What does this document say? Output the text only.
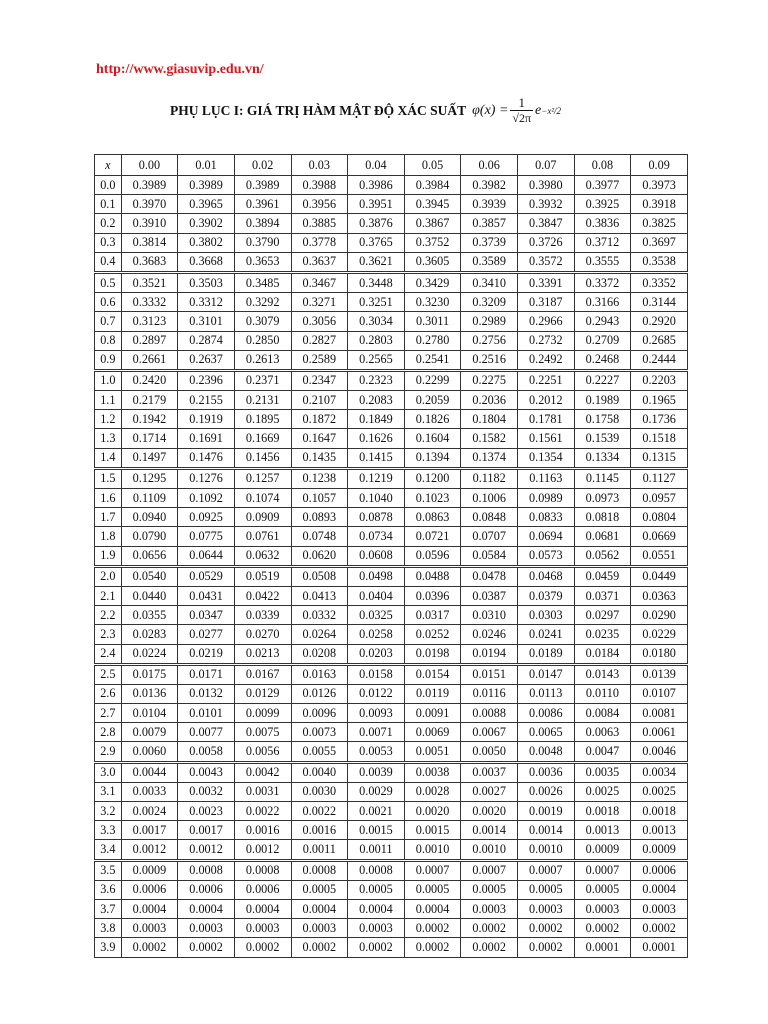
http://www.giasuvip.edu.vn/
PHỤ LỤC I: GIÁ TRỊ HÀM MẬT ĐỘ XÁC SUẤT $\varphi(x) = \frac{1}{√2\pi}$ e −x²/2
x	0.00	0.01	0.02	0.03	0.04	0.05	0.06	0.07	0.08	0.09
0.0	0.3989	0.3989	0.3989	0.3988	0.3986	0.3984	0.3982	0.3980	0.3977	0.3973
0.1	0.3970	0.3965	0.3961	0.3956	0.3951	0.3945	0.3939	0.3932	0.3925	0.3918
0.2	0.3910	0.3902	0.3894	0.3885	0.3876	0.3867	0.3857	0.3847	0.3836	0.3825
0.3	0.3814	0.3802	0.3790	0.3778	0.3765	0.3752	0.3739	0.3726	0.3712	0.3697
0.4	0.3683	0.3668	0.3653	0.3637	0.3621	0.3605	0.3589	0.3572	0.3555	0.3538
0.5	0.3521	0.3503	0.3485	0.3467	0.3448	0.3429	0.3410	0.3391	0.3372	0.3352
0.6	0.3332	0.3312	0.3292	0.3271	0.3251	0.3230	0.3209	0.3187	0.3166	0.3144
0.7	0.3123	0.3101	0.3079	0.3056	0.3034	0.3011	0.2989	0.2966	0.2943	0.2920
0.8	0.2897	0.2874	0.2850	0.2827	0.2803	0.2780	0.2756	0.2732	0.2709	0.2685
0.9	0.2661	0.2637	0.2613	0.2589	0.2565	0.2541	0.2516	0.2492	0.2468	0.2444
1.0	0.2420	0.2396	0.2371	0.2347	0.2323	0.2299	0.2275	0.2251	0.2227	0.2203
1.1	0.2179	0.2155	0.2131	0.2107	0.2083	0.2059	0.2036	0.2012	0.1989	0.1965
1.2	0.1942	0.1919	0.1895	0.1872	0.1849	0.1826	0.1804	0.1781	0.1758	0.1736
1.3	0.1714	0.1691	0.1669	0.1647	0.1626	0.1604	0.1582	0.1561	0.1539	0.1518
1.4	0.1497	0.1476	0.1456	0.1435	0.1415	0.1394	0.1374	0.1354	0.1334	0.1315
1.5	0.1295	0.1276	0.1257	0.1238	0.1219	0.1200	0.1182	0.1163	0.1145	0.1127
1.6	0.1109	0.1092	0.1074	0.1057	0.1040	0.1023	0.1006	0.0989	0.0973	0.0957
1.7	0.0940	0.0925	0.0909	0.0893	0.0878	0.0863	0.0848	0.0833	0.0818	0.0804
1.8	0.0790	0.0775	0.0761	0.0748	0.0734	0.0721	0.0707	0.0694	0.0681	0.0669
1.9	0.0656	0.0644	0.0632	0.0620	0.0608	0.0596	0.0584	0.0573	0.0562	0.0551
2.0	0.0540	0.0529	0.0519	0.0508	0.0498	0.0488	0.0478	0.0468	0.0459	0.0449
2.1	0.0440	0.0431	0.0422	0.0413	0.0404	0.0396	0.0387	0.0379	0.0371	0.0363
2.2	0.0355	0.0347	0.0339	0.0332	0.0325	0.0317	0.0310	0.0303	0.0297	0.0290
2.3	0.0283	0.0277	0.0270	0.0264	0.0258	0.0252	0.0246	0.0241	0.0235	0.0229
2.4	0.0224	0.0219	0.0213	0.0208	0.0203	0.0198	0.0194	0.0189	0.0184	0.0180
2.5	0.0175	0.0171	0.0167	0.0163	0.0158	0.0154	0.0151	0.0147	0.0143	0.0139
2.6	0.0136	0.0132	0.0129	0.0126	0.0122	0.0119	0.0116	0.0113	0.0110	0.0107
2.7	0.0104	0.0101	0.0099	0.0096	0.0093	0.0091	0.0088	0.0086	0.0084	0.0081
2.8	0.0079	0.0077	0.0075	0.0073	0.0071	0.0069	0.0067	0.0065	0.0063	0.0061
2.9	0.0060	0.0058	0.0056	0.0055	0.0053	0.0051	0.0050	0.0048	0.0047	0.0046
3.0	0.0044	0.0043	0.0042	0.0040	0.0039	0.0038	0.0037	0.0036	0.0035	0.0034
3.1	0.0033	0.0032	0.0031	0.0030	0.0029	0.0028	0.0027	0.0026	0.0025	0.0025
3.2	0.0024	0.0023	0.0022	0.0022	0.0021	0.0020	0.0020	0.0019	0.0018	0.0018
3.3	0.0017	0.0017	0.0016	0.0016	0.0015	0.0015	0.0014	0.0014	0.0013	0.0013
3.4	0.0012	0.0012	0.0012	0.0011	0.0011	0.0010	0.0010	0.0010	0.0009	0.0009
3.5	0.0009	0.0008	0.0008	0.0008	0.0008	0.0007	0.0007	0.0007	0.0007	0.0006
3.6	0.0006	0.0006	0.0006	0.0005	0.0005	0.0005	0.0005	0.0005	0.0005	0.0004
3.7	0.0004	0.0004	0.0004	0.0004	0.0004	0.0004	0.0003	0.0003	0.0003	0.0003
3.8	0.0003	0.0003	0.0003	0.0003	0.0003	0.0002	0.0002	0.0002	0.0002	0.0002
3.9	0.0002	0.0002	0.0002	0.0002	0.0002	0.0002	0.0002	0.0002	0.0001	0.0001
